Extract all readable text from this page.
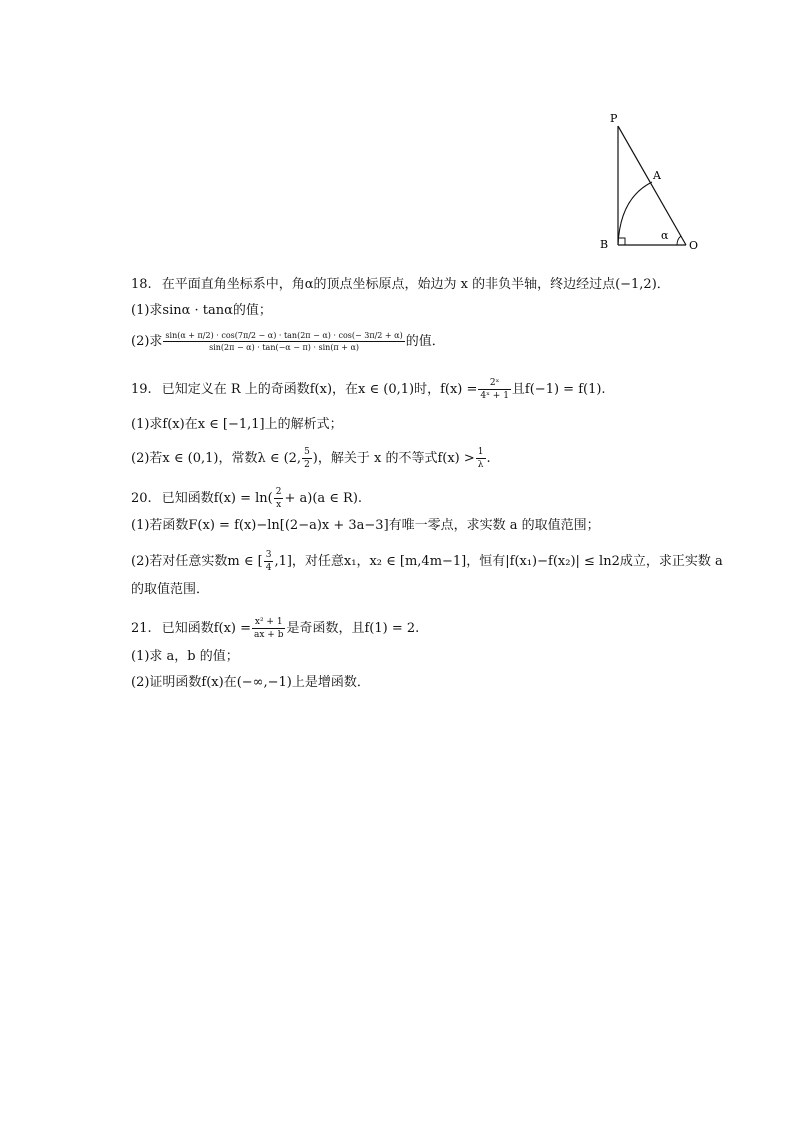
P
A
B	O
α
18. 在平面直角坐标系中，角α的顶点坐标原点，始边为 x 的非负半轴，终边经过点(−1,2)．
(1)求sinα · tanα的值；
(2)求 $\frac{\sin(\alpha + \pi/2) \cdot \cos(7\pi/2 - \alpha) \cdot \tan(2\pi - \alpha) \cdot \cos(- 3\pi/2 + \alpha)}{\sin(2\pi - \alpha) \cdot \tan(-\alpha - \pi) \cdot \sin(\pi + \alpha)}$ 的值．
19. 已知定义在 R 上的奇函数f(x)，在x ∈ (0,1)时，$f(x) = \frac{\text{2ˣ}}{\text{4ˣ + 1}}$ 且f(−1) = f(1).
(1)求f(x)在x ∈ [−1,1]上的解析式；
(2)若x ∈ (0,1)，常数λ ∈ (2, $\frac{5}{2}$ )，解关于 x 的不等式$f(x) > \frac{1}{\lambda}$ .
20. 已知函数$f(x) = \ln( \frac{2}{x} + a)(a$ ∈ R).
(1)若函数F(x) = f(x)−ln[(2−a)x + 3a−3]有唯一零点，求实数 a 的取值范围；
(2)若对任意实数m ∈ [ $\frac{3}{4} ,1$]，对任意x₁，x₂ ∈ [m,4m−1]，恒有|f(x₁)−f(x₂)| ≤ ln2成立，求正实数 a
的取值范围．
21. 已知函数$f(x) = \frac{\text{x² + 1}}{ax + b}$ 是奇函数，且f(1) = 2.
(1)求 a，b 的值；
(2)证明函数f(x)在(−∞,−1)上是增函数．
